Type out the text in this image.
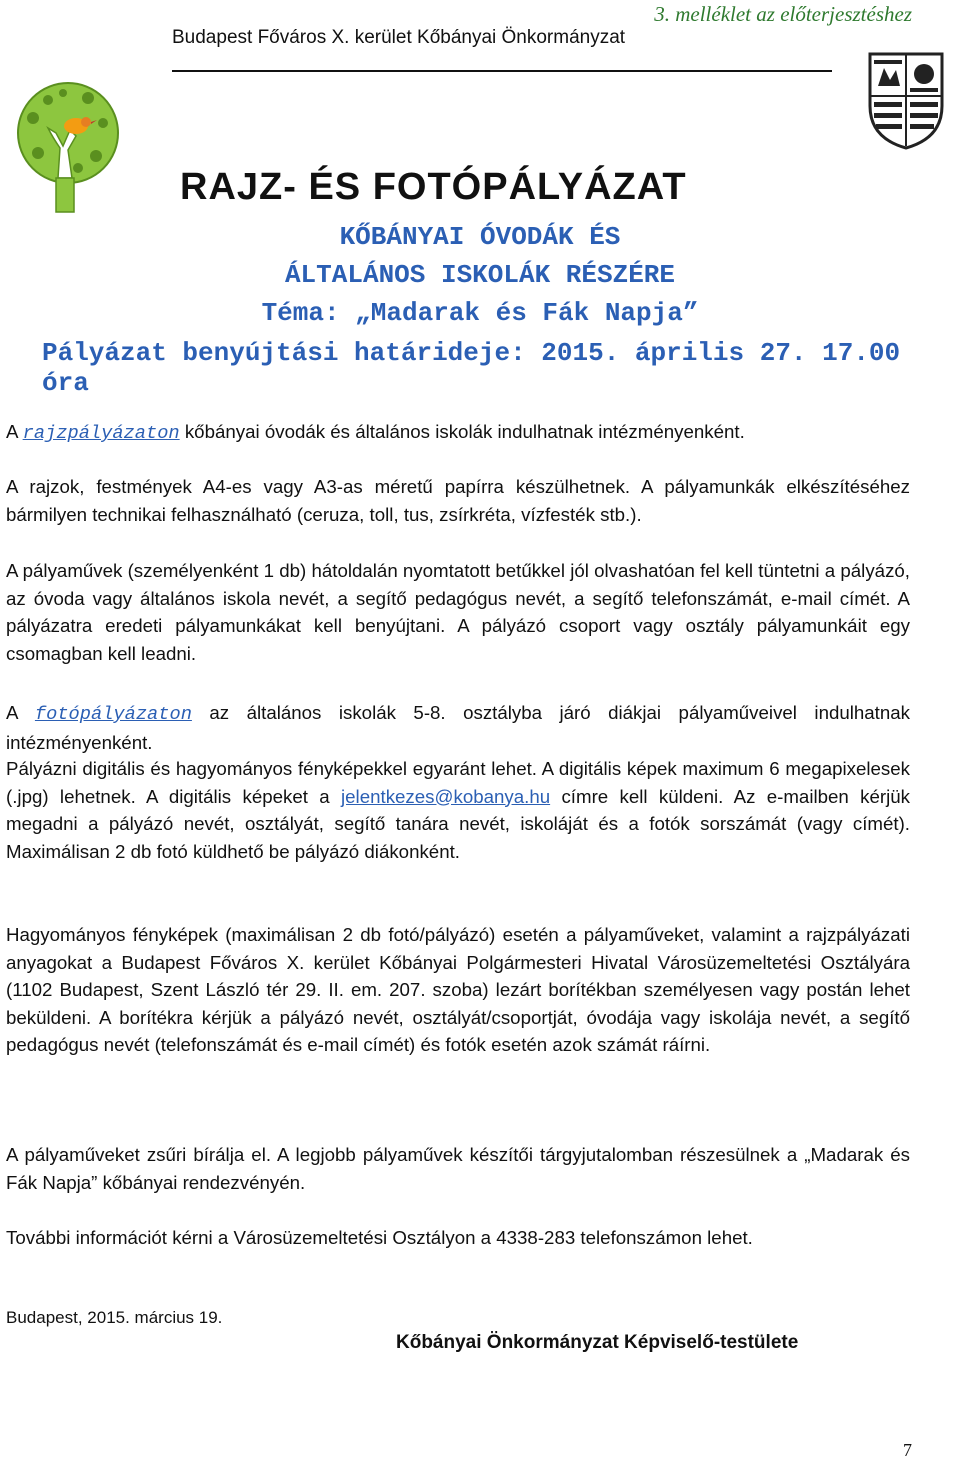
3. melléklet az előterjesztéshez
Budapest Főváros X. kerület Kőbányai Önkormányzat
RAJZ- ÉS FOTÓPÁLYÁZAT
KŐBÁNYAI ÓVODÁK ÉS
ÁLTALÁNOS ISKOLÁK RÉSZÉRE
Téma: „Madarak és Fák Napja”
Pályázat benyújtási határideje: 2015. április 27. 17.00 óra

A rajzpályázaton kőbányai óvodák és általános iskolák indulhatnak intézményenként.

A rajzok, festmények A4-es vagy A3-as méretű papírra készülhetnek. A pályamunkák elkészítéséhez bármilyen technikai felhasználható (ceruza, toll, tus, zsírkréta, vízfesték stb.).

A pályaművek (személyenként 1 db) hátoldalán nyomtatott betűkkel jól olvashatóan fel kell tüntetni a pályázó, az óvoda vagy általános iskola nevét, a segítő pedagógus nevét, a segítő telefonszámát, e-mail címét. A pályázatra eredeti pályamunkákat kell benyújtani. A pályázó csoport vagy osztály pályamunkáit egy csomagban kell leadni.

A fotópályázaton az általános iskolák 5-8. osztályba járó diákjai pályaműveivel indulhatnak intézményenként.

Pályázni digitális és hagyományos fényképekkel egyaránt lehet. A digitális képek maximum 6 megapixelesek (.jpg) lehetnek. A digitális képeket a jelentkezes@kobanya.hu címre kell küldeni. Az e-mailben kérjük megadni a pályázó nevét, osztályát, segítő tanára nevét, iskoláját és a fotók sorszámát (vagy címét). Maximálisan 2 db fotó küldhető be pályázó diákonként.

Hagyományos fényképek (maximálisan 2 db fotó/pályázó) esetén a pályaműveket, valamint a rajzpályázati anyagokat a Budapest Főváros X. kerület Kőbányai Polgármesteri Hivatal Városüzemeltetési Osztályára (1102 Budapest, Szent László tér 29. II. em. 207. szoba) lezárt borítékban személyesen vagy postán lehet beküldeni. A borítékra kérjük a pályázó nevét, osztályát/csoportját, óvodája vagy iskolája nevét, a segítő pedagógus nevét (telefonszámát és e-mail címét) és fotók esetén azok számát ráírni.

A pályaműveket zsűri bírálja el. A legjobb pályaművek készítői tárgyjutalomban részesülnek a „Madarak és Fák Napja” kőbányai rendezvényén.

További információt kérni a Városüzemeltetési Osztályon a 4338-283 telefonszámon lehet.

Budapest, 2015. március 19.
Kőbányai Önkormányzat Képviselő-testülete
7
